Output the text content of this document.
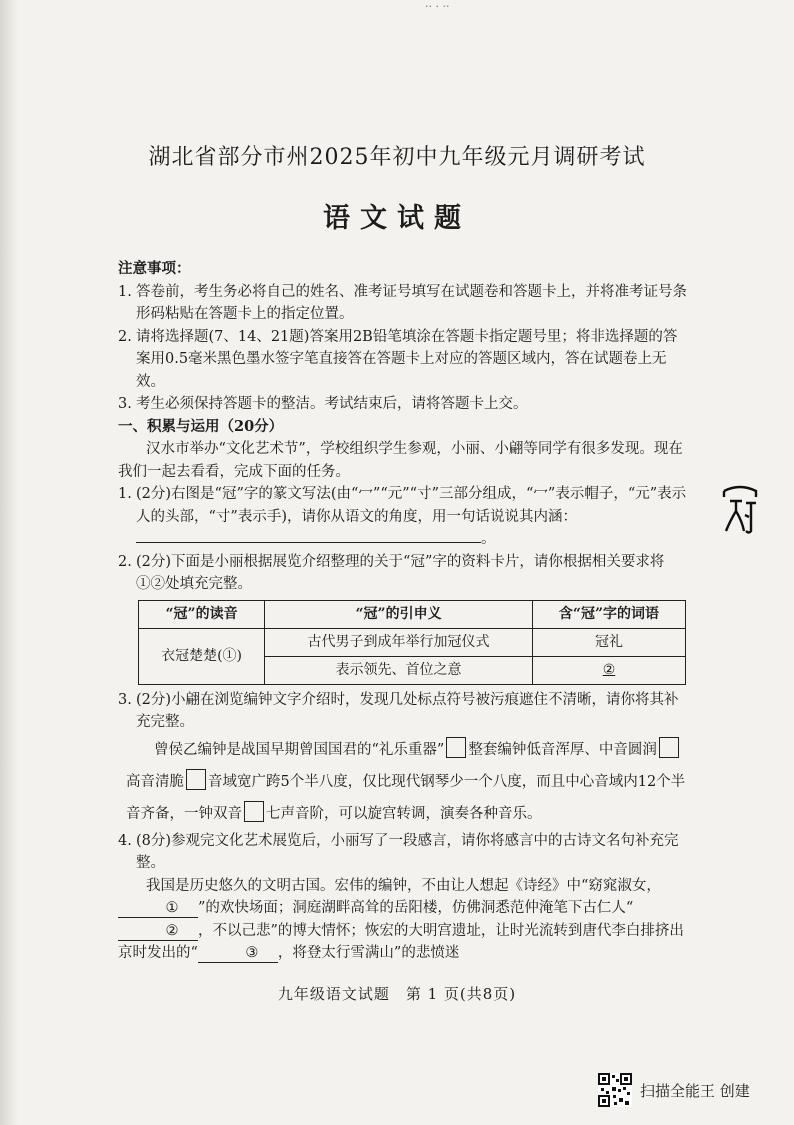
·· · ··
湖北省部分市州2025年初中九年级元月调研考试
语文试题
注意事项：
1. 答卷前，考生务必将自己的姓名、准考证号填写在试题卷和答题卡上，并将准考证号条形码粘贴在答题卡上的指定位置。
2. 请将选择题(7、14、21题)答案用2B铅笔填涂在答题卡指定题号里；将非选择题的答案用0.5毫米黑色墨水签字笔直接答在答题卡上对应的答题区域内，答在试题卷上无效。
3. 考生必须保持答题卡的整洁。考试结束后，请将答题卡上交。
一、积累与运用（20分）
汉水市举办“文化艺术节”，学校组织学生参观，小丽、小翩等同学有很多发现。现在我们一起去看看，完成下面的任务。
1. (2分)右图是“冠”字的篆文写法(由“冖”“元”“寸”三部分组成，“冖”表示帽子，“元”表示人的头部，“寸”表示手)，请你从语文的角度，用一句话说说其内涵：。
2. (2分)下面是小丽根据展览介绍整理的关于“冠”字的资料卡片，请你根据相关要求将①②处填充完整。
“冠”的读音	“冠”的引申义	含“冠”字的词语
衣冠楚楚(①)	古代男子到成年举行加冠仪式	冠礼
	表示领先、首位之意	②
3. (2分)小翩在浏览编钟文字介绍时，发现几处标点符号被污痕遮住不清晰，请你将其补充完整。
曾侯乙编钟是战国早期曾国国君的“礼乐重器” 整套编钟低音浑厚、中音圆润高音清脆 音域宽广跨5个半八度，仅比现代钢琴少一个八度，而且中心音域内12个半音齐备，一钟双音 七声音阶，可以旋宫转调，演奏各种音乐。
4. (8分)参观完文化艺术展览后，小丽写了一段感言，请你将感言中的古诗文名句补充完整。
我国是历史悠久的文明古国。宏伟的编钟，不由让人想起《诗经》中“窈窕淑女，① ”的欢快场面；洞庭湖畔高耸的岳阳楼，仿佛洞悉范仲淹笔下古仁人“② ，不以己悲”的博大情怀；恢宏的大明宫遗址，让时光流转到唐代李白排挤出京时发出的“	③ ，将登太行雪满山”的悲愤迷
九年级语文试题　第 1 页(共8页)
扫描全能王 创建
